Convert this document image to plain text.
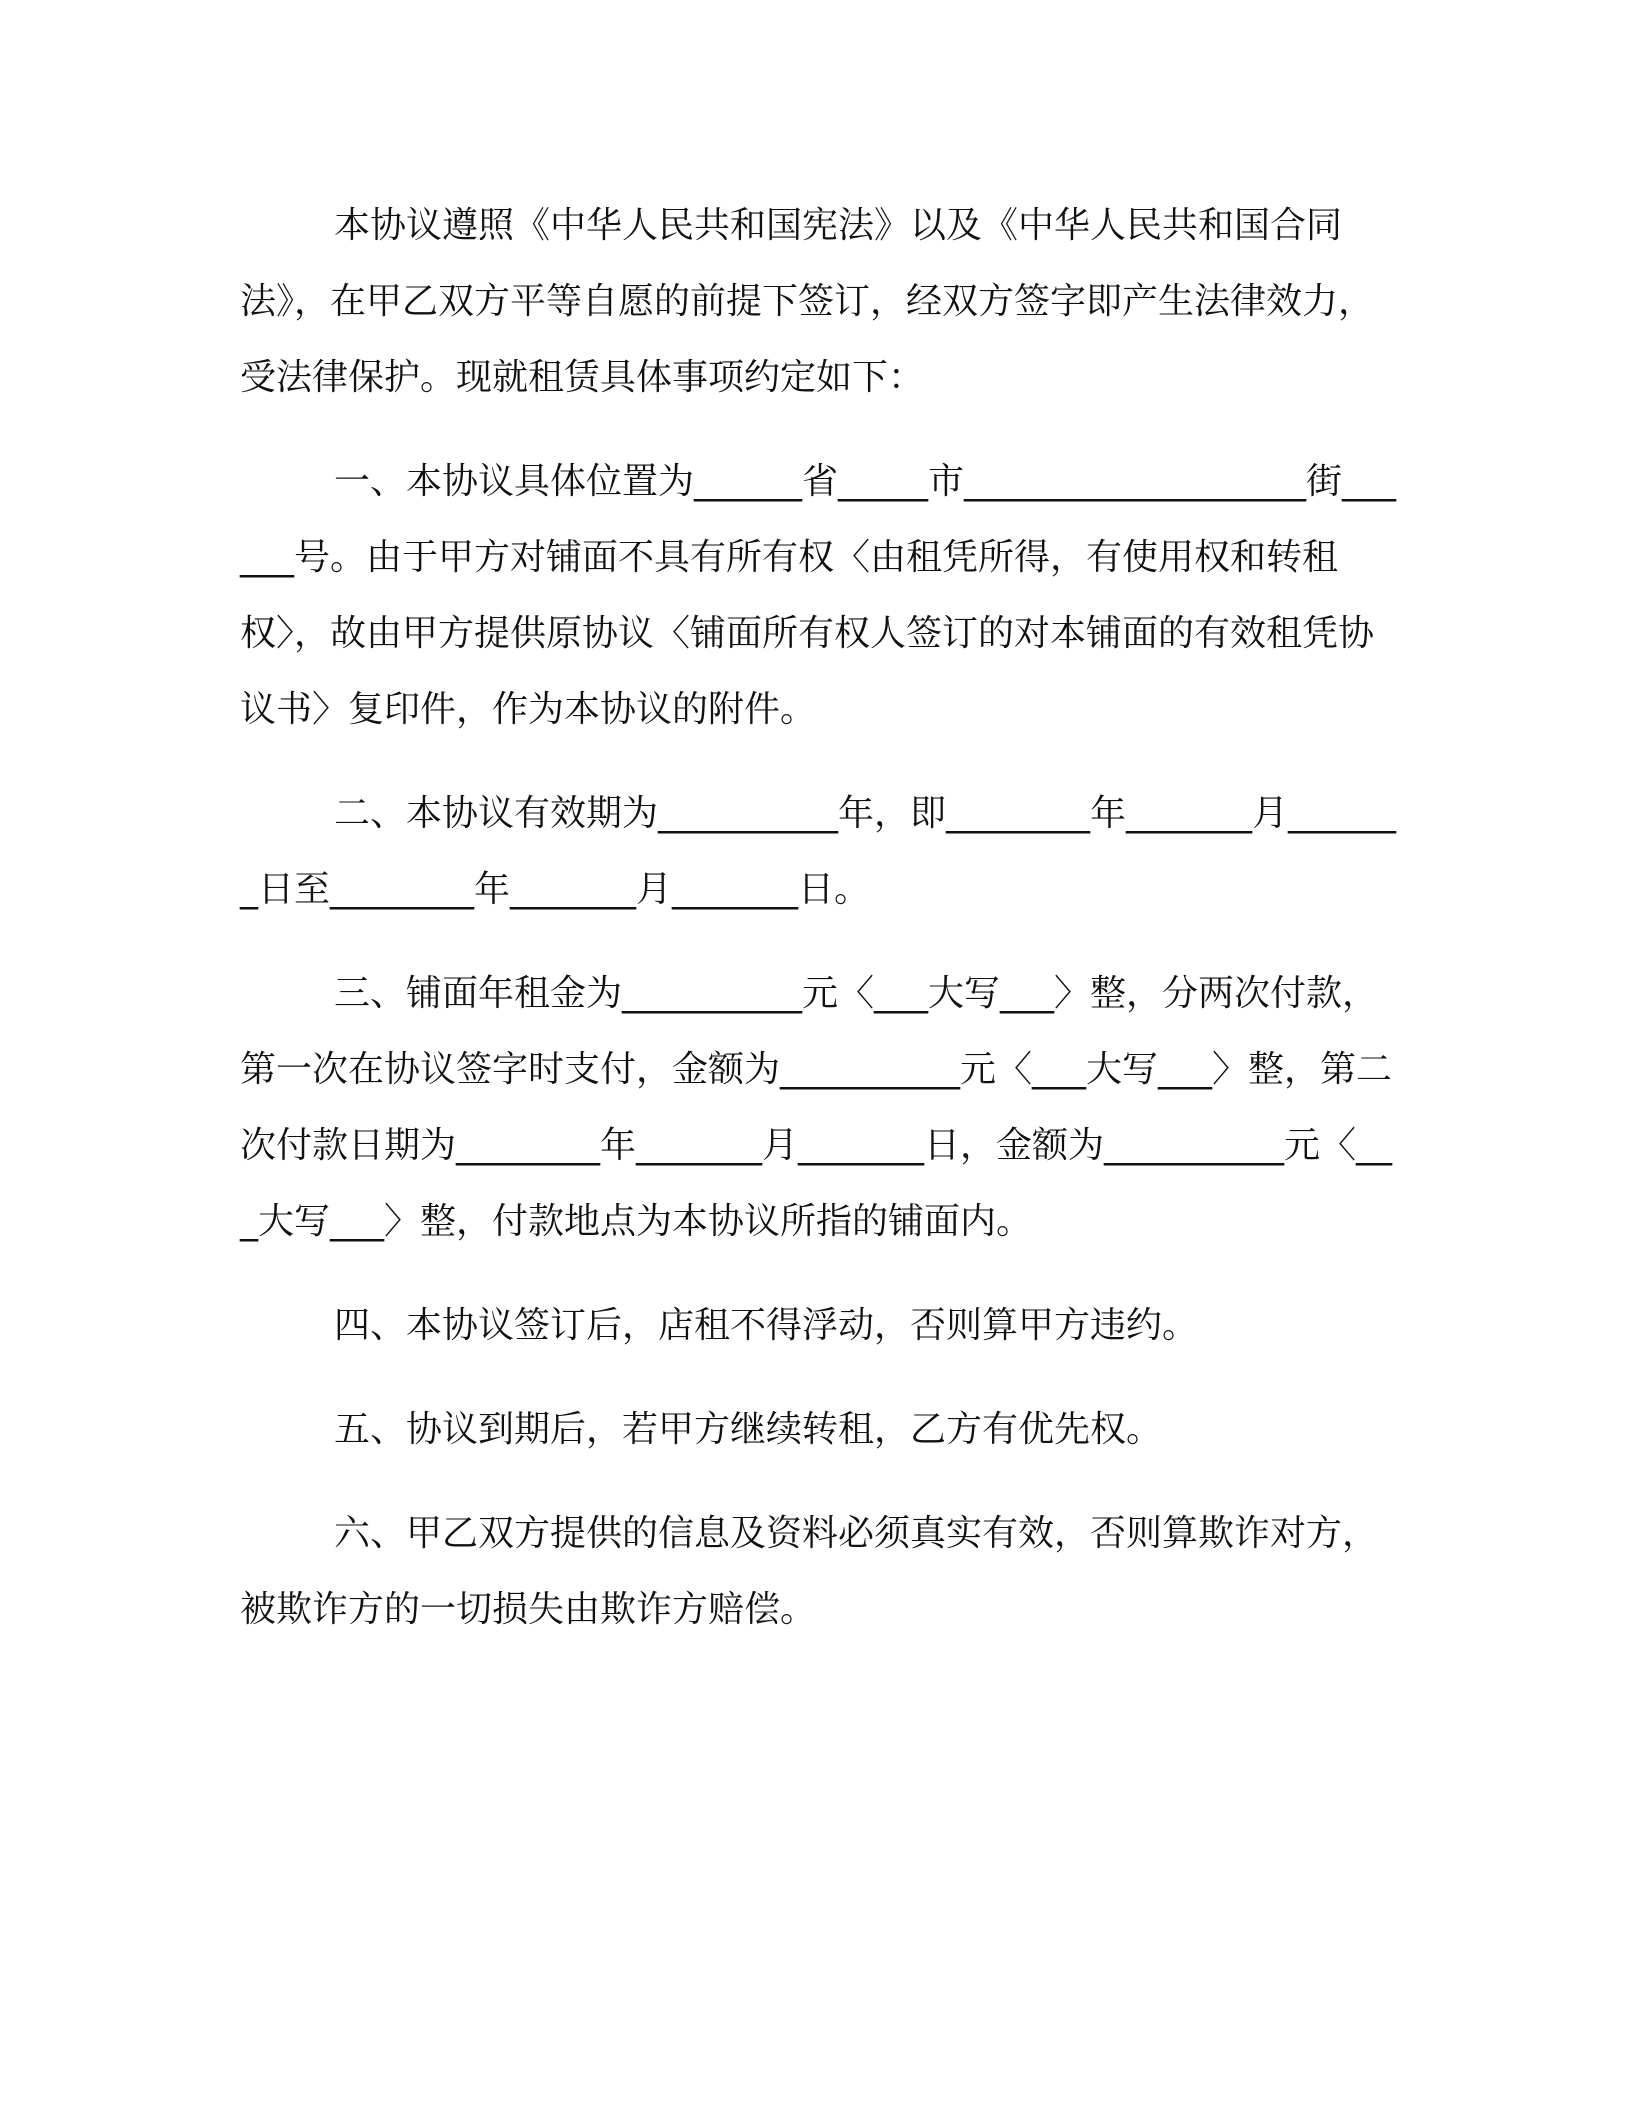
本协议遵照《中华人民共和国宪法》以及《中华人民共和国合同法》，在甲乙双方平等自愿的前提下签订，经双方签字即产生法律效力，受法律保护。现就租赁具体事项约定如下：

一、本协议具体位置为______省_____市___________________街______号。由于甲方对铺面不具有所有权〈由租凭所得，有使用权和转租权〉，故由甲方提供原协议〈铺面所有权人签订的对本铺面的有效租凭协议书〉复印件，作为本协议的附件。

二、本协议有效期为__________年，即________年_______月_______日至________年_______月_______日。

三、铺面年租金为__________元〈___大写___〉整，分两次付款，第一次在协议签字时支付，金额为__________元〈___大写___〉整，第二次付款日期为________年_______月_______日，金额为__________元〈___大写___〉整，付款地点为本协议所指的铺面内。

四、本协议签订后，店租不得浮动，否则算甲方违约。

五、协议到期后，若甲方继续转租，乙方有优先权。

六、甲乙双方提供的信息及资料必须真实有效，否则算欺诈对方，被欺诈方的一切损失由欺诈方赔偿。
